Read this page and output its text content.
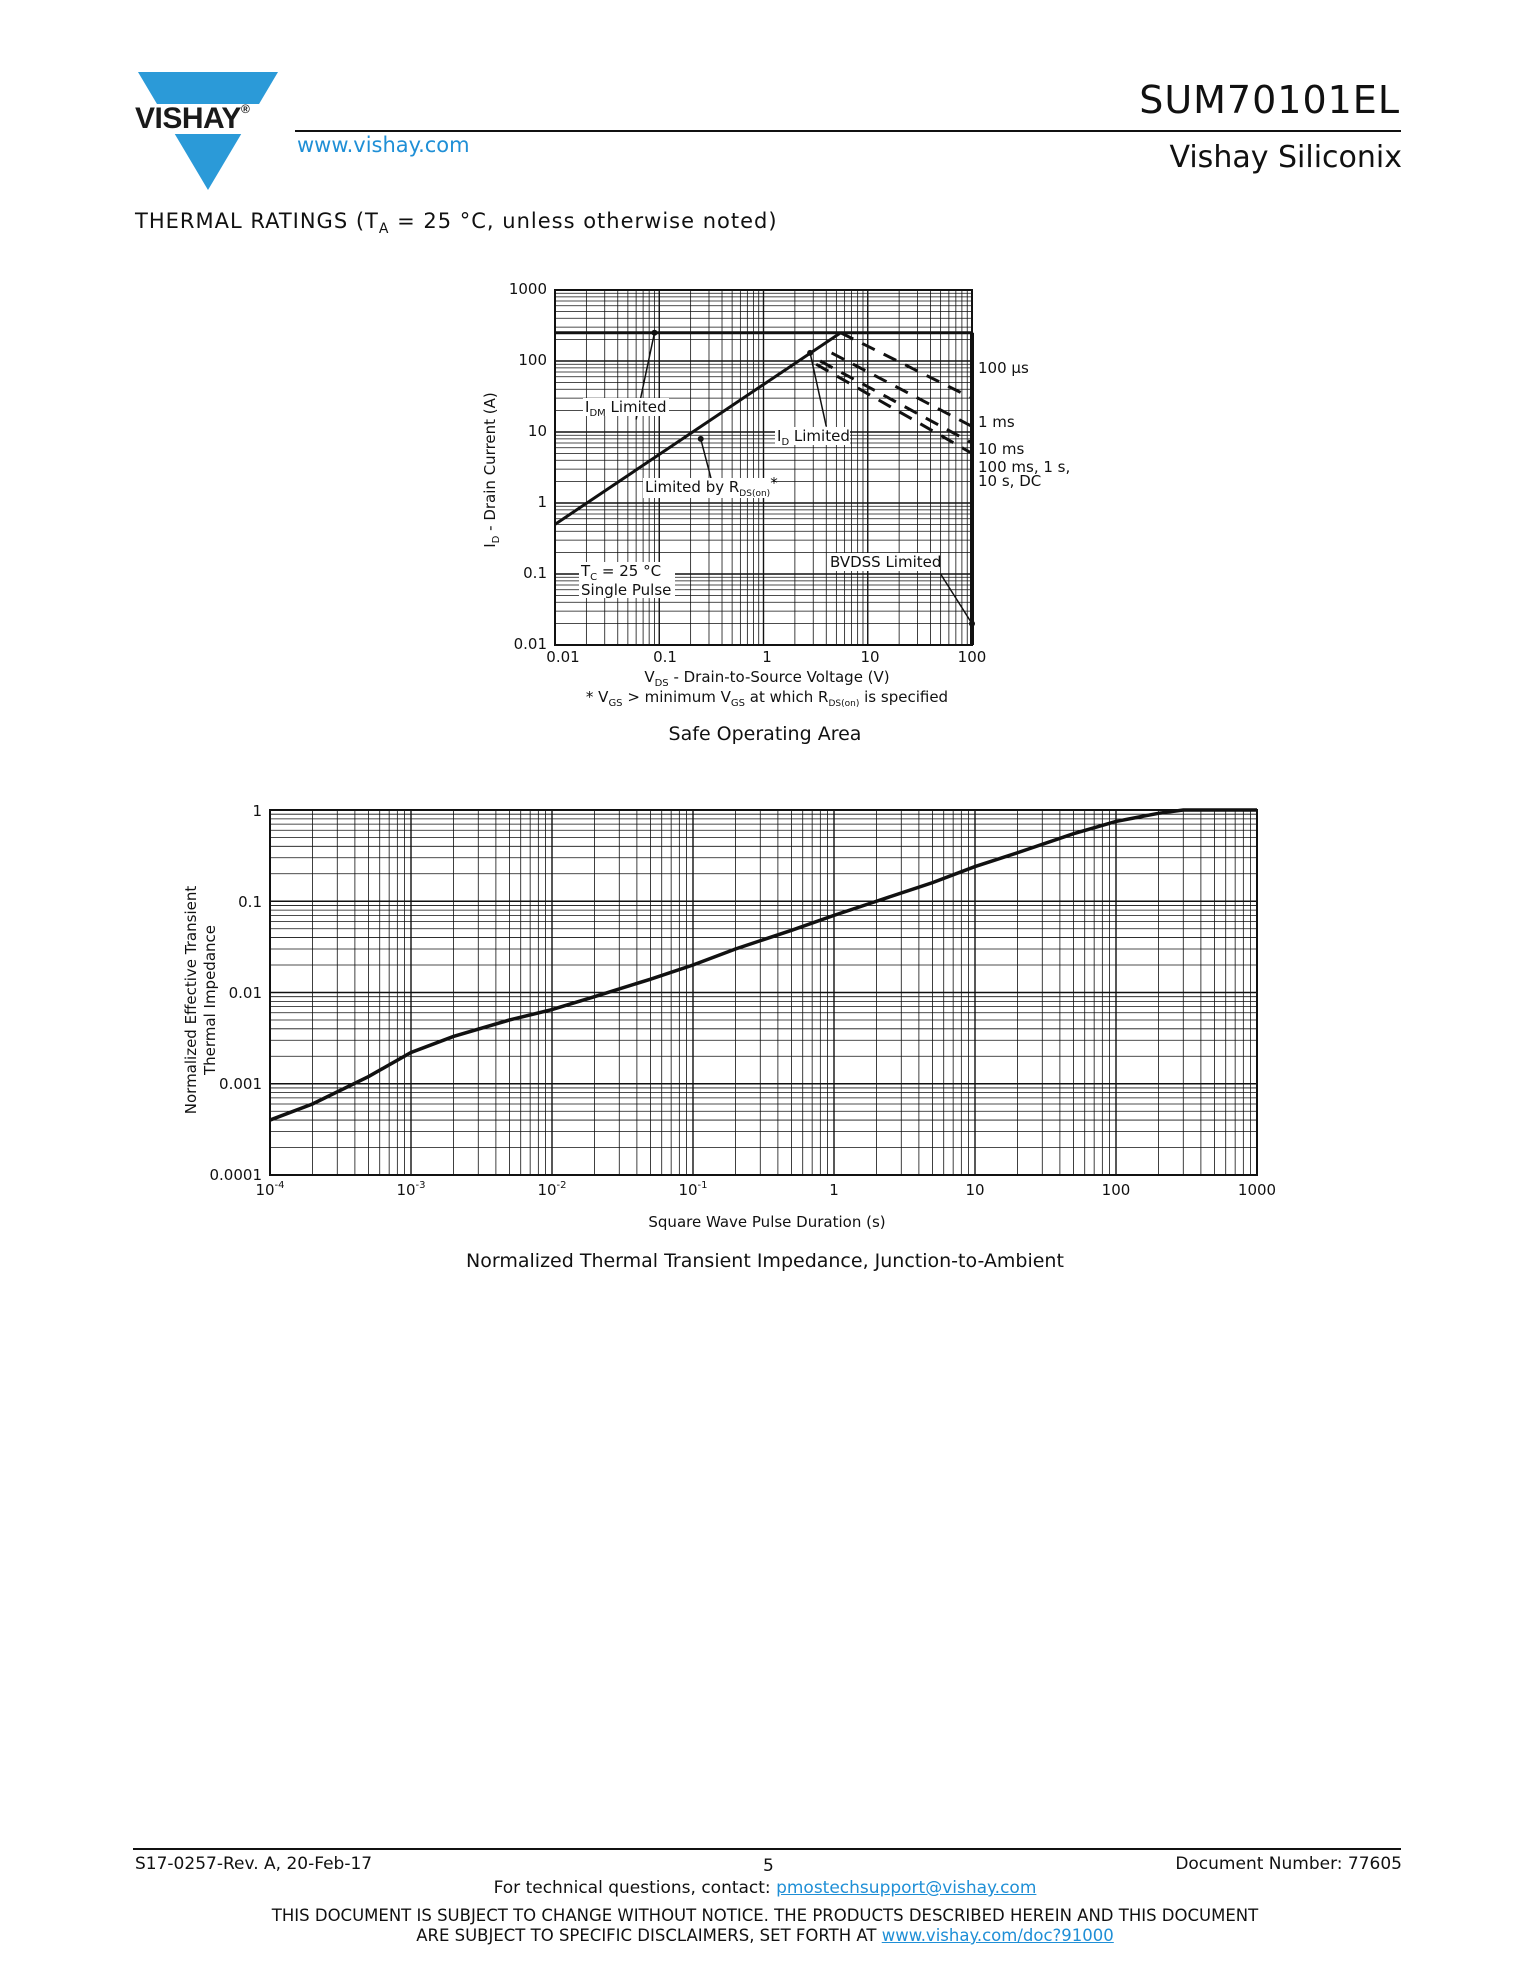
VISHAY®
www.vishay.com
SUM70101EL
Vishay Siliconix
THERMAL RATINGS ($T_A = 25$ °C, unless otherwise noted)
1000
100
10
1
0.1
0.01
0.01	0.1	1	10	100
$V_{DS}$ - Drain-to-Source Voltage (V)
* $V_{GS}$ > minimum $V_{GS}$ at which $R_{DS(on)}$ is specified
$I_D$ - Drain Current (A)	$I_{DM}$ Limited
$I_D$ Limited
Limited by $R_{DS(on)}*$
BVDSS Limited
$T_C = 25$ °C
Single Pulse
100 µs
1 ms
10 ms
100 ms, 1 s,
10 s, DC
Safe Operating Area
1
0.1
0.01
0.001
0.0001
$10^{-4}$	$10^{-3}$	$10^{-2}$	$10^{-1}$	1	10	100	1000
Normalized Effective Transient Thermal Impedance
Square Wave Pulse Duration (s)
Normalized Thermal Transient Impedance, Junction-to-Ambient
S17-0257-Rev. A, 20-Feb-17	5	Document Number: 77605
For technical questions, contact: pmostechsupport@vishay.com
THIS DOCUMENT IS SUBJECT TO CHANGE WITHOUT NOTICE. THE PRODUCTS DESCRIBED HEREIN AND THIS DOCUMENT
ARE SUBJECT TO SPECIFIC DISCLAIMERS, SET FORTH AT www.vishay.com/doc?91000
